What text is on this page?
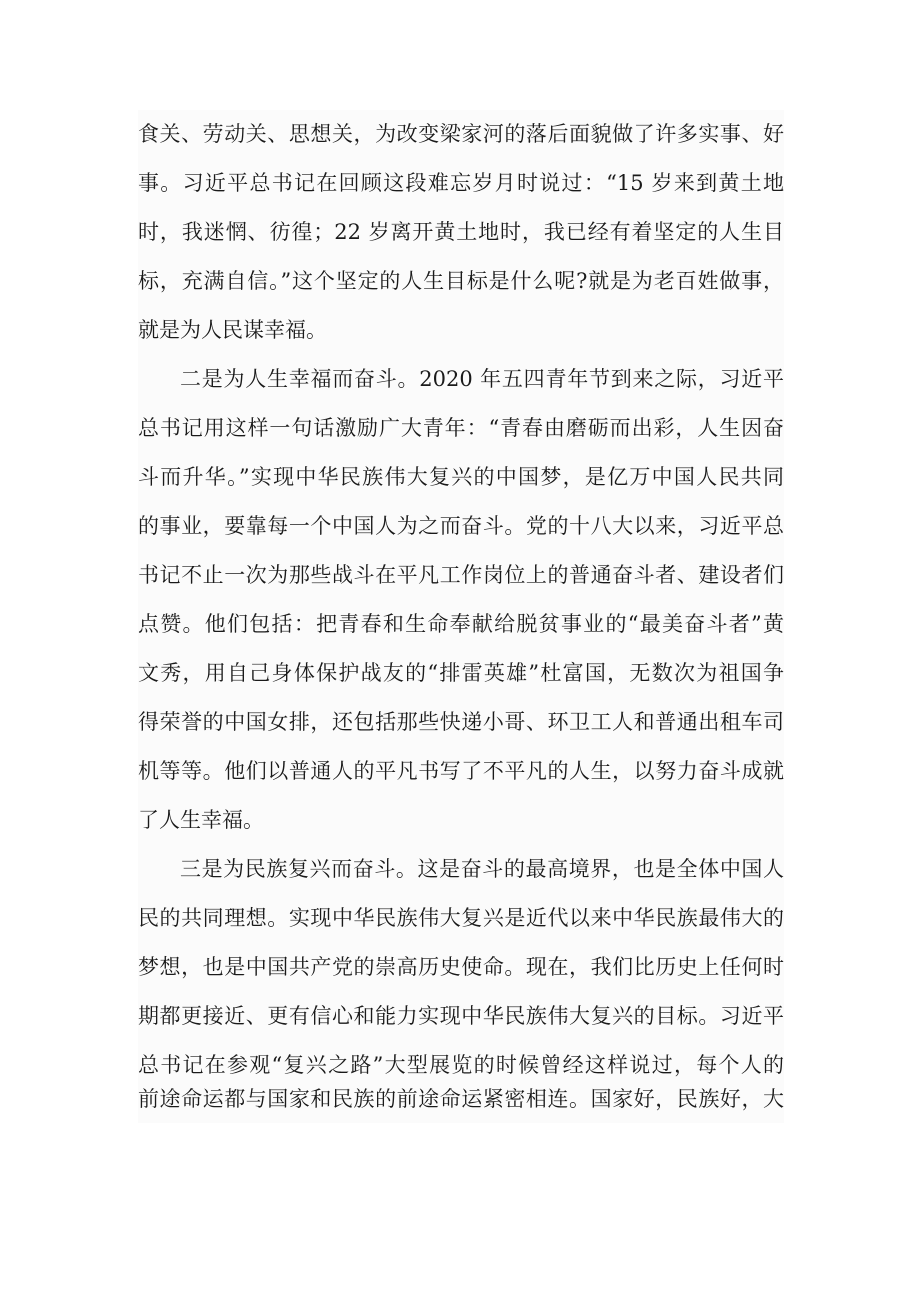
食关、劳动关、思想关，为改变梁家河的落后面貌做了许多实事、好
事。习近平总书记在回顾这段难忘岁月时说过：“15 岁来到黄土地
时，我迷惘、彷徨；22 岁离开黄土地时，我已经有着坚定的人生目
标，充满自信。”这个坚定的人生目标是什么呢?就是为老百姓做事，
就是为人民谋幸福。
二是为人生幸福而奋斗。2020 年五四青年节到来之际，习近平
总书记用这样一句话激励广大青年：“青春由磨砺而出彩，人生因奋
斗而升华。”实现中华民族伟大复兴的中国梦，是亿万中国人民共同
的事业，要靠每一个中国人为之而奋斗。党的十八大以来，习近平总
书记不止一次为那些战斗在平凡工作岗位上的普通奋斗者、建设者们
点赞。他们包括：把青春和生命奉献给脱贫事业的“最美奋斗者”黄
文秀，用自己身体保护战友的“排雷英雄”杜富国，无数次为祖国争
得荣誉的中国女排，还包括那些快递小哥、环卫工人和普通出租车司
机等等。他们以普通人的平凡书写了不平凡的人生，以努力奋斗成就
了人生幸福。
三是为民族复兴而奋斗。这是奋斗的最高境界，也是全体中国人
民的共同理想。实现中华民族伟大复兴是近代以来中华民族最伟大的
梦想，也是中国共产党的崇高历史使命。现在，我们比历史上任何时
期都更接近、更有信心和能力实现中华民族伟大复兴的目标。习近平
总书记在参观“复兴之路”大型展览的时候曾经这样说过，每个人的
前途命运都与国家和民族的前途命运紧密相连。国家好，民族好，大
